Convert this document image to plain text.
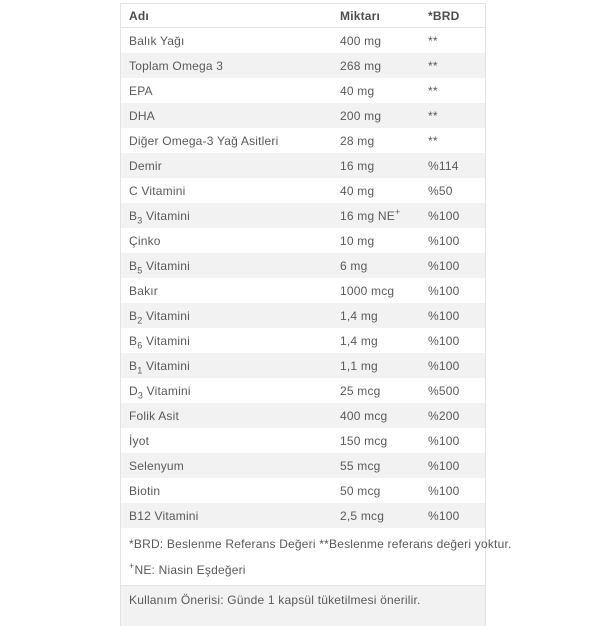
Adı	Miktarı	*BRD
Balık Yağı	400 mg	**
Toplam Omega 3	268 mg	**
EPA	40 mg	**
DHA	200 mg	**
Diğer Omega-3 Yağ Asitleri	28 mg	**
Demir	16 mg	%114
C Vitamini	40 mg	%50
$B_3$ Vitamini	16 mg NE+	%100
Çinko	10 mg	%100
$B_5$ Vitamini	6 mg	%100
Bakır	1000 mcg	%100
$B_2$ Vitamini	1,4 mg	%100
$B_6$ Vitamini	1,4 mg	%100
$B_1$ Vitamini	1,1 mg	%100
$D_3$ Vitamini	25 mcg	%500
Folik Asit	400 mcg	%200
İyot	150 mcg	%100
Selenyum	55 mcg	%100
Biotin	50 mcg	%100
B12 Vitamini	2,5 mcg	%100
*BRD: Beslenme Referans Değeri **Beslenme referans değeri yoktur.
+NE: Niasin Eşdeğeri
Kullanım Önerisi: Günde 1 kapsül tüketilmesi önerilir.
